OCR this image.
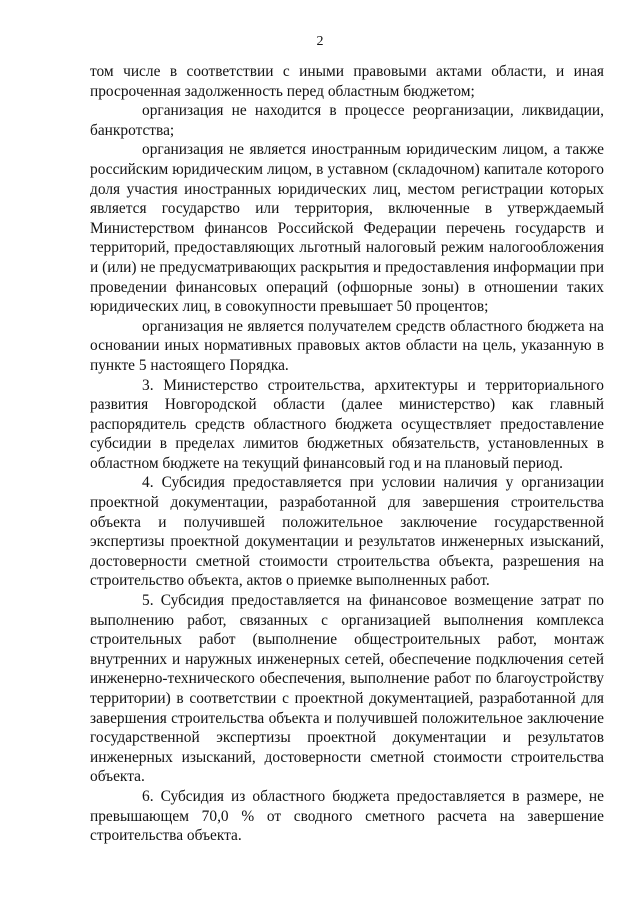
2

том числе в соответствии с иными правовыми актами области, и иная просроченная задолженность перед областным бюджетом;

организация не находится в процессе реорганизации, ликвидации, банкротства;

организация не является иностранным юридическим лицом, а также российским юридическим лицом, в уставном (складочном) капитале которого доля участия иностранных юридических лиц, местом регистрации которых является государство или территория, включенные в утверждаемый Министерством финансов Российской Федерации перечень государств и территорий, предоставляющих льготный налоговый режим налогообложения и (или) не предусматривающих раскрытия и предоставления информации при проведении финансовых операций (офшорные зоны) в отношении таких юридических лиц, в совокупности превышает 50 процентов;

организация не является получателем средств областного бюджета на основании иных нормативных правовых актов области на цель, указанную в пункте 5 настоящего Порядка.

3. Министерство строительства, архитектуры и территориального развития Новгородской области (далее министерство) как главный распорядитель средств областного бюджета осуществляет предоставление субсидии в пределах лимитов бюджетных обязательств, установленных в областном бюджете на текущий финансовый год и на плановый период.

4. Субсидия предоставляется при условии наличия у организации проектной документации, разработанной для завершения строительства объекта и получившей положительное заключение государственной экспертизы проектной документации и результатов инженерных изысканий, достоверности сметной стоимости строительства объекта, разрешения на строительство объекта, актов о приемке выполненных работ.

5. Субсидия предоставляется на финансовое возмещение затрат по выполнению работ, связанных с организацией выполнения комплекса строительных работ (выполнение общестроительных работ, монтаж внутренних и наружных инженерных сетей, обеспечение подключения сетей инженерно-технического обеспечения, выполнение работ по благоустройству территории) в соответствии с проектной документацией, разработанной для завершения строительства объекта и получившей положительное заключение государственной экспертизы проектной документации и результатов инженерных изысканий, достоверности сметной стоимости строительства объекта.

6. Субсидия из областного бюджета предоставляется в размере, не превышающем 70,0 % от сводного сметного расчета на завершение строительства объекта.
